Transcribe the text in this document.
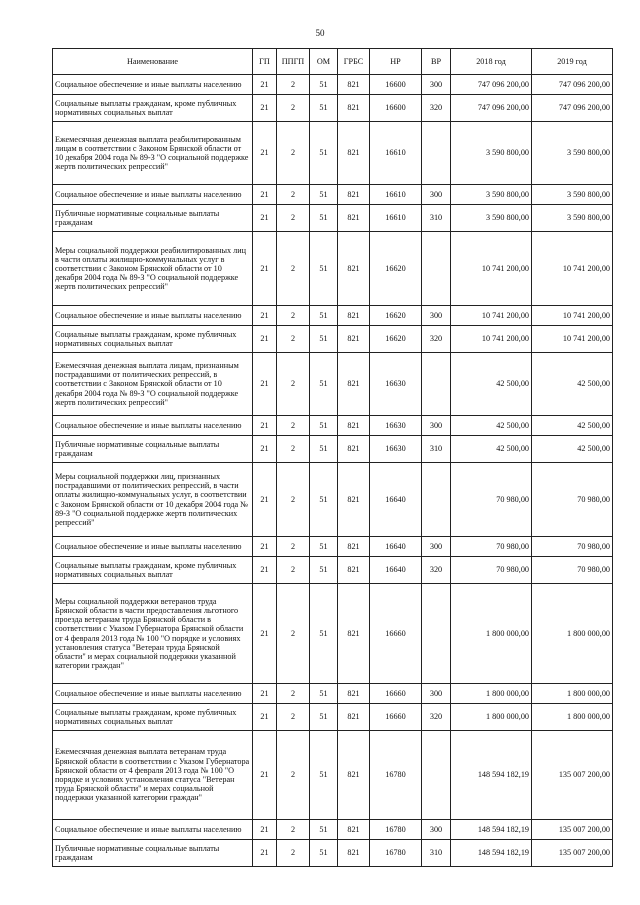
50
Наименование	ГП	ППГП	ОМ	ГРБС	НР	ВР	2018 год	2019 год
Социальное обеспечение и иные выплаты населению	21	2	51	821	16600	300	747 096 200,00	747 096 200,00
Социальные выплаты гражданам, кроме публичных нормативных социальных выплат	21	2	51	821	16600	320	747 096 200,00	747 096 200,00
Ежемесячная денежная выплата реабилитированным лицам в соответствии с Законом Брянской области от 10 декабря 2004 года № 89-З "О социальной поддержке жертв политических репрессий"	21	2	51	821	16610		3 590 800,00	3 590 800,00
Социальное обеспечение и иные выплаты населению	21	2	51	821	16610	300	3 590 800,00	3 590 800,00
Публичные нормативные социальные выплаты гражданам	21	2	51	821	16610	310	3 590 800,00	3 590 800,00
Меры социальной поддержки реабилитированных лиц в части оплаты жилищно-коммунальных услуг в соответствии с Законом Брянской области от 10 декабря 2004 года № 89-З "О социальной поддержке жертв политических репрессий"	21	2	51	821	16620		10 741 200,00	10 741 200,00
Социальное обеспечение и иные выплаты населению	21	2	51	821	16620	300	10 741 200,00	10 741 200,00
Социальные выплаты гражданам, кроме публичных нормативных социальных выплат	21	2	51	821	16620	320	10 741 200,00	10 741 200,00
Ежемесячная денежная выплата лицам, признанным пострадавшими от политических репрессий, в соответствии с Законом Брянской области от 10 декабря 2004 года № 89-З "О социальной поддержке жертв политических репрессий"	21	2	51	821	16630		42 500,00	42 500,00
Социальное обеспечение и иные выплаты населению	21	2	51	821	16630	300	42 500,00	42 500,00
Публичные нормативные социальные выплаты гражданам	21	2	51	821	16630	310	42 500,00	42 500,00
Меры социальной поддержки лиц, признанных пострадавшими от политических репрессий, в части оплаты жилищно-коммунальных услуг, в соответствии с Законом Брянской области от 10 декабря 2004 года № 89-З "О социальной поддержке жертв политических репрессий"	21	2	51	821	16640		70 980,00	70 980,00
Социальное обеспечение и иные выплаты населению	21	2	51	821	16640	300	70 980,00	70 980,00
Социальные выплаты гражданам, кроме публичных нормативных социальных выплат	21	2	51	821	16640	320	70 980,00	70 980,00
Меры социальной поддержки ветеранов труда Брянской области в части предоставления льготного проезда ветеранам труда Брянской области в соответствии с Указом Губернатора Брянской области от 4 февраля 2013 года № 100 "О порядке и условиях установления статуса "Ветеран труда Брянской области" и мерах социальной поддержки указанной категории граждан"	21	2	51	821	16660		1 800 000,00	1 800 000,00
Социальное обеспечение и иные выплаты населению	21	2	51	821	16660	300	1 800 000,00	1 800 000,00
Социальные выплаты гражданам, кроме публичных нормативных социальных выплат	21	2	51	821	16660	320	1 800 000,00	1 800 000,00
Ежемесячная денежная выплата ветеранам труда Брянской области в соответствии с Указом Губернатора Брянской области от 4 февраля 2013 года № 100 "О порядке и условиях установления статуса "Ветеран труда Брянской области" и мерах социальной поддержки указанной категории граждан"	21	2	51	821	16780		148 594 182,19	135 007 200,00
Социальное обеспечение и иные выплаты населению	21	2	51	821	16780	300	148 594 182,19	135 007 200,00
Публичные нормативные социальные выплаты гражданам	21	2	51	821	16780	310	148 594 182,19	135 007 200,00
